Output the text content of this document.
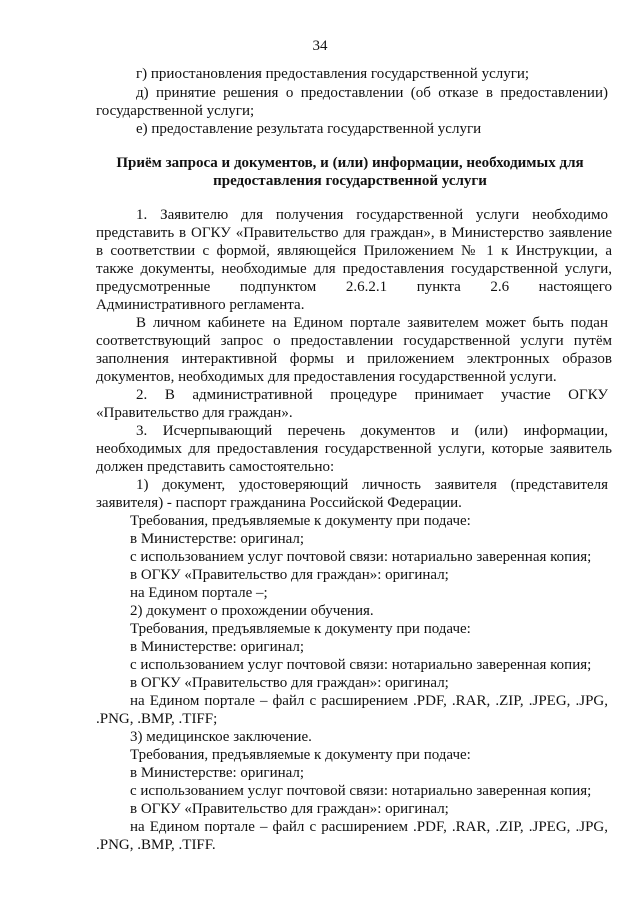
34
г) приостановления предоставления государственной услуги;
д) принятие решения о предоставлении (об отказе в предоставлении)
государственной услуги;
е) предоставление результата государственной услуги
Приём запроса и документов, и (или) информации, необходимых для
предоставления государственной услуги
1. Заявителю для получения государственной услуги необходимо
представить в ОГКУ «Правительство для граждан», в Министерство заявление
в соответствии с формой, являющейся Приложением № 1 к Инструкции, а
также документы, необходимые для предоставления государственной услуги,
предусмотренные подпунктом 2.6.2.1 пункта 2.6 настоящего
Административного регламента.
В личном кабинете на Едином портале заявителем может быть подан
соответствующий запрос о предоставлении государственной услуги путём
заполнения интерактивной формы и приложением электронных образов
документов, необходимых для предоставления государственной услуги.
2. В административной процедуре принимает участие ОГКУ
«Правительство для граждан».
3. Исчерпывающий перечень документов и (или) информации,
необходимых для предоставления государственной услуги, которые заявитель
должен представить самостоятельно:
1) документ, удостоверяющий личность заявителя (представителя
заявителя) - паспорт гражданина Российской Федерации.
Требования, предъявляемые к документу при подаче:
в Министерстве: оригинал;
с использованием услуг почтовой связи: нотариально заверенная копия;
в ОГКУ «Правительство для граждан»: оригинал;
на Едином портале –;
2) документ о прохождении обучения.
Требования, предъявляемые к документу при подаче:
в Министерстве: оригинал;
с использованием услуг почтовой связи: нотариально заверенная копия;
в ОГКУ «Правительство для граждан»: оригинал;
на Едином портале – файл с расширением .PDF, .RAR, .ZIP, .JPEG, .JPG,
.PNG, .BMP, .TIFF;
3) медицинское заключение.
Требования, предъявляемые к документу при подаче:
в Министерстве: оригинал;
с использованием услуг почтовой связи: нотариально заверенная копия;
в ОГКУ «Правительство для граждан»: оригинал;
на Едином портале – файл с расширением .PDF, .RAR, .ZIP, .JPEG, .JPG,
.PNG, .BMP, .TIFF.
